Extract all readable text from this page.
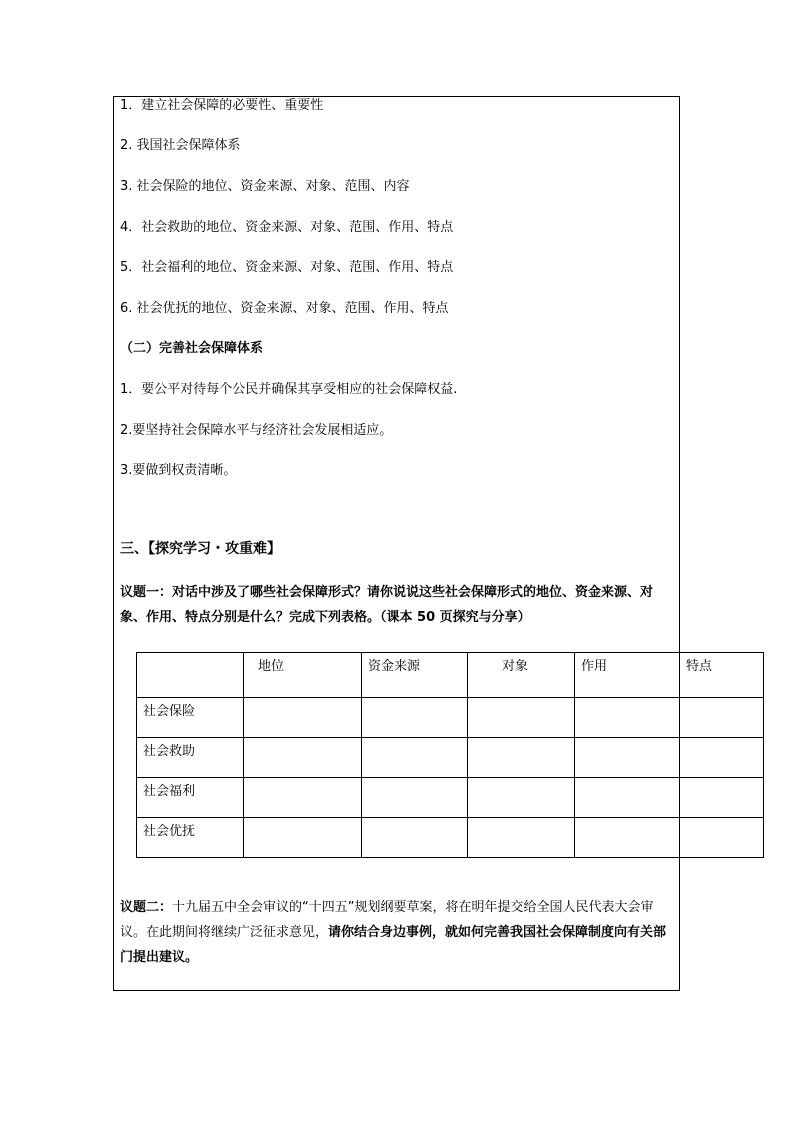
1．建立社会保障的必要性、重要性
2. 我国社会保障体系
3. 社会保险的地位、资金来源、对象、范围、内容
4．社会救助的地位、资金来源、对象、范围、作用、特点
5．社会福利的地位、资金来源、对象、范围、作用、特点
6. 社会优抚的地位、资金来源、对象、范围、作用、特点
（二）完善社会保障体系
1．要公平对待每个公民并确保其享受相应的社会保障权益.
2.要坚持社会保障水平与经济社会发展相适应。
3.要做到权责清晰。
三、【探究学习・攻重难】
议题一：对话中涉及了哪些社会保障形式？请你说说这些社会保障形式的地位、资金来源、对象、作用、特点分别是什么？完成下列表格。（课本 50 页探究与分享）
	地位	资金来源	对象	作用	特点
社会保险					
社会救助					
社会福利					
社会优抚					
议题二：十九届五中全会审议的“十四五”规划纲要草案，将在明年提交给全国人民代表大会审议。在此期间将继续广泛征求意见，请你结合身边事例，就如何完善我国社会保障制度向有关部门提出建议。
